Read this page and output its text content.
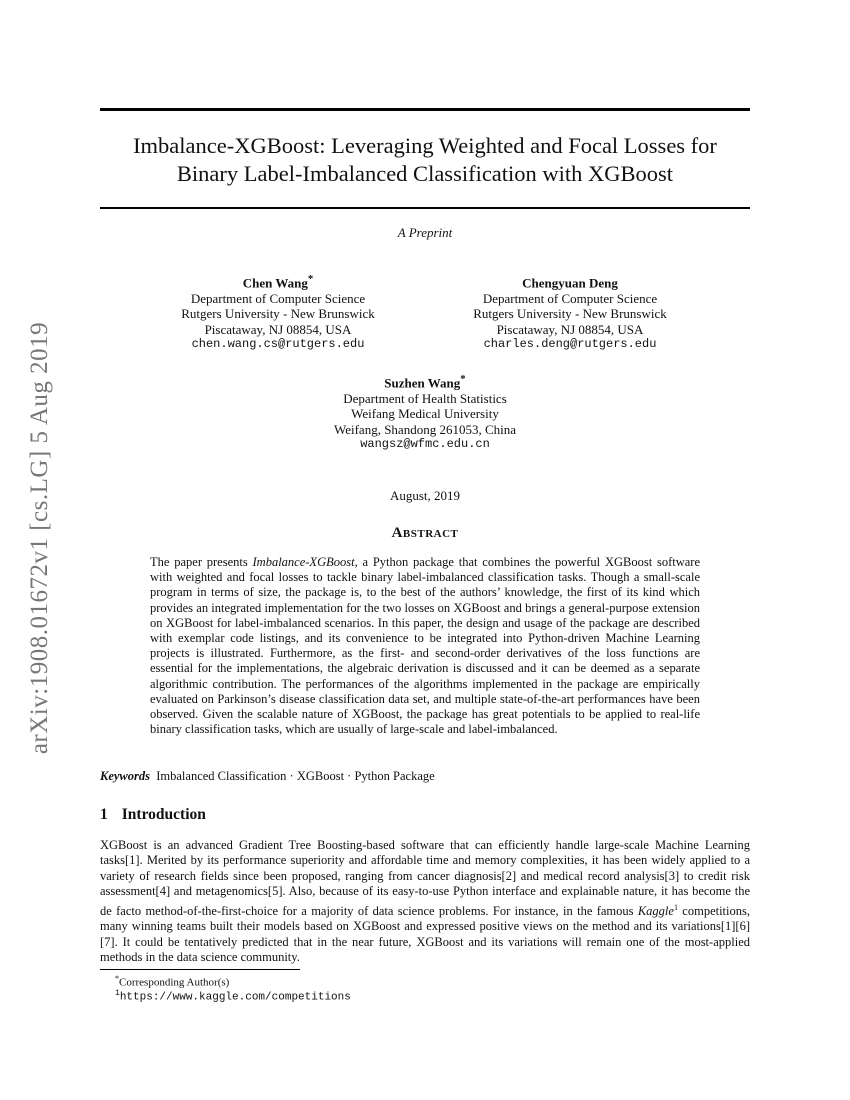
arXiv:1908.01672v1 [cs.LG] 5 Aug 2019
Imbalance-XGBoost: Leveraging Weighted and Focal Losses for
Binary Label-Imbalanced Classification with XGBoost
A Preprint
Chen Wang*
Department of Computer Science
Rutgers University - New Brunswick
Piscataway, NJ 08854, USA
chen.wang.cs@rutgers.edu
Chengyuan Deng
Department of Computer Science
Rutgers University - New Brunswick
Piscataway, NJ 08854, USA
charles.deng@rutgers.edu
Suzhen Wang*
Department of Health Statistics
Weifang Medical University
Weifang, Shandong 261053, China
wangsz@wfmc.edu.cn
August, 2019
Abstract
The paper presents Imbalance-XGBoost, a Python package that combines the powerful XGBoost software with weighted and focal losses to tackle binary label-imbalanced classification tasks. Though a small-scale program in terms of size, the package is, to the best of the authors’ knowledge, the first of its kind which provides an integrated implementation for the two losses on XGBoost and brings a general-purpose extension on XGBoost for label-imbalanced scenarios. In this paper, the design and usage of the package are described with exemplar code listings, and its convenience to be integrated into Python-driven Machine Learning projects is illustrated. Furthermore, as the first- and second-order derivatives of the loss functions are essential for the implementations, the algebraic derivation is discussed and it can be deemed as a separate algorithmic contribution. The performances of the algorithms implemented in the package are empirically evaluated on Parkinson’s disease classification data set, and multiple state-of-the-art performances have been observed. Given the scalable nature of XGBoost, the package has great potentials to be applied to real-life binary classification tasks, which are usually of large-scale and label-imbalanced.
Keywords Imbalanced Classification · XGBoost · Python Package
1 Introduction
XGBoost is an advanced Gradient Tree Boosting-based software that can efficiently handle large-scale Machine Learning tasks[1]. Merited by its performance superiority and affordable time and memory complexities, it has been widely applied to a variety of research fields since been proposed, ranging from cancer diagnosis[2] and medical record analysis[3] to credit risk assessment[4] and metagenomics[5]. Also, because of its easy-to-use Python interface and explainable nature, it has become the de facto method-of-the-first-choice for a majority of data science problems. For instance, in the famous Kaggle$^1$ competitions, many winning teams built their models based on XGBoost and expressed positive views on the method and its variations[1][6][7]. It could be tentatively predicted that in the near future, XGBoost and its variations will remain one of the most-applied methods in the data science community.
*Corresponding Author(s)
$^1$https://www.kaggle.com/competitions
